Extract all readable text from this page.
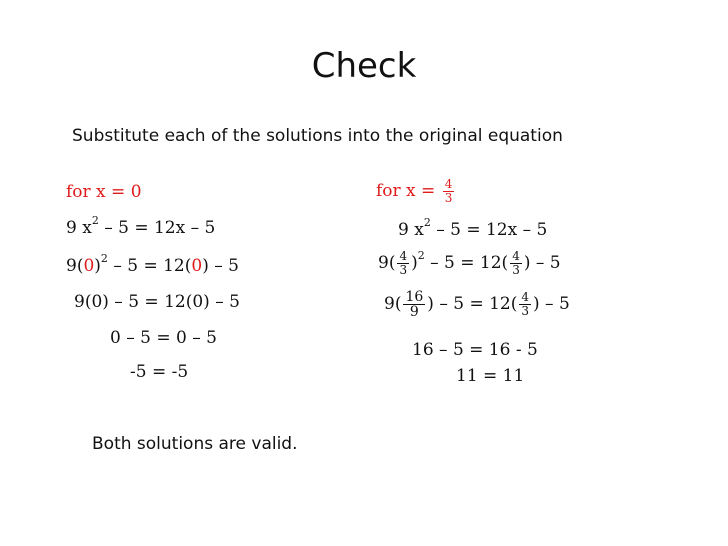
Check
Substitute each of the solutions into the original equation
for x = 0
9 $x^2 - 5 = 12x - 5$
$9(0)^2 - 5 = 12(0) - 5$
9(0) – 5 = 12(0) – 5
0 – 5 = 0 – 5
-5 = -5
for $x = \frac{4}{3}$
9 $x^2 - 5 = 12x - 5$
$9( \frac{4}{3} )^2 - 5 = 12( \frac{4}{3}$ ) – 5
$9( \frac{16}{9}$ ) – $5 = 12( \frac{4}{3}$ ) – 5
16 – 5 = 16 - 5
11 = 11
Both solutions are valid.
